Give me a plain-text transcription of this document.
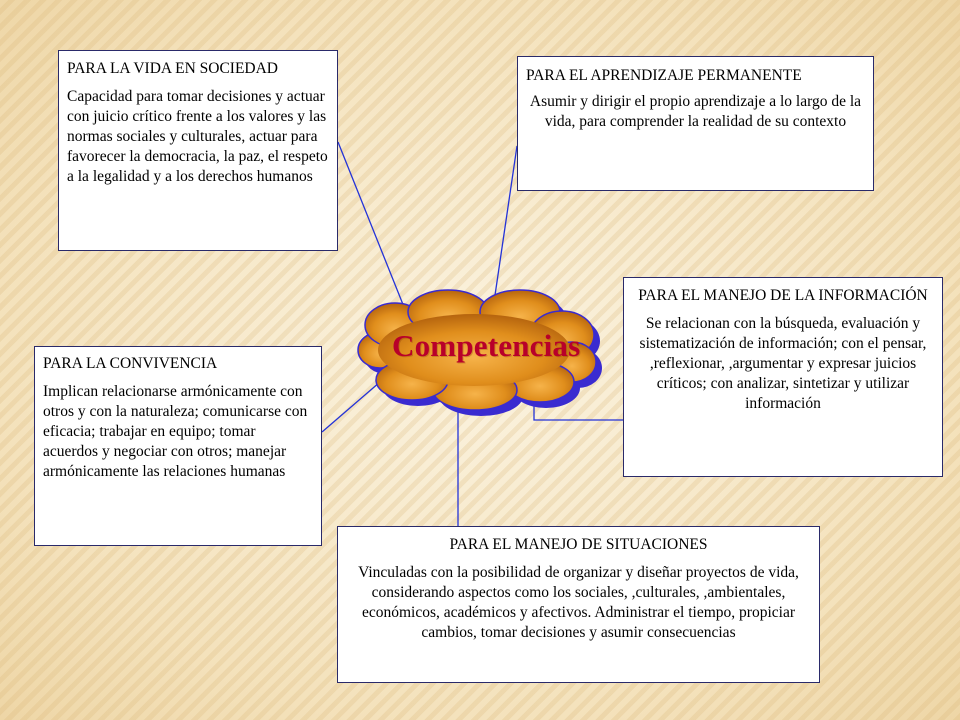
Competencias

PARA LA VIDA EN SOCIEDAD

Capacidad para tomar decisiones y actuar con juicio crítico frente a los valores y las normas sociales y culturales, actuar para favorecer la democracia, la paz, el respeto a la legalidad y a los derechos humanos

PARA EL APRENDIZAJE PERMANENTE

Asumir y dirigir el propio aprendizaje a lo largo de la vida, para comprender la realidad de su contexto

PARA EL MANEJO DE LA INFORMACIÓN

Se relacionan con la búsqueda, evaluación y sistematización de información; con el pensar, ,reflexionar, ,argumentar y expresar juicios críticos; con analizar, sintetizar y utilizar información

PARA LA CONVIVENCIA

Implican relacionarse armónicamente con otros y con la naturaleza; comunicarse con eficacia; trabajar en equipo; tomar acuerdos y negociar con otros; manejar armónicamente las relaciones humanas

PARA EL MANEJO DE SITUACIONES

Vinculadas con la posibilidad de organizar y diseñar proyectos de vida, considerando aspectos como los sociales, ,culturales, ,ambientales, económicos, académicos y afectivos. Administrar el tiempo, propiciar cambios, tomar decisiones y asumir consecuencias
